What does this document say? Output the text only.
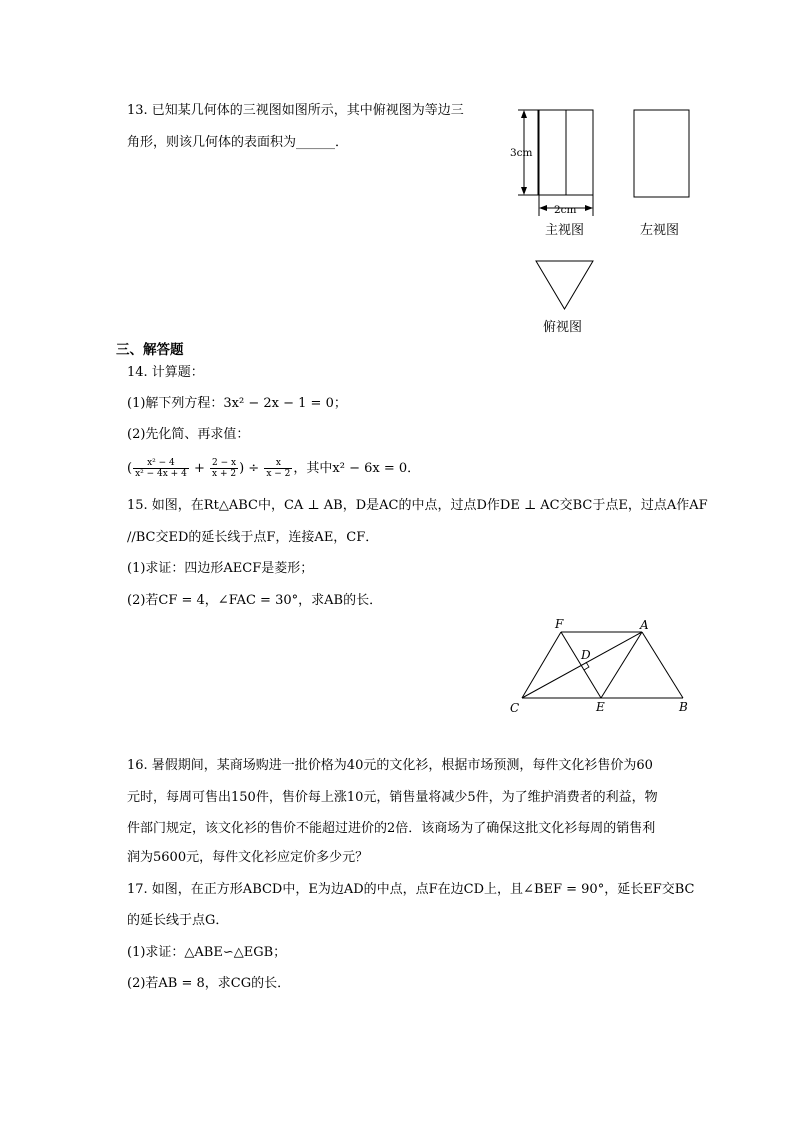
13. 已知某几何体的三视图如图所示，其中俯视图为等边三
角形，则该几何体的表面积为______．
3cm
2cm
主视图	左视图
俯视图
三、解答题
14. 计算题：
(1)解下列方程：3x² − 2x − 1 = 0；
(2)先化简、再求值：
( $\frac{\text{x² − 4}}{\text{x² − 4x + 4}} + \frac{2 - x}{x + 2}$ ) ÷ $\frac{x}{x - 2}$ ，其中x² − 6x = 0．
15. 如图，在Rt△ABC中，CA ⊥ AB，D是AC的中点，过点D作DE ⊥ AC交BC于点E，过点A作AF
//BC交ED的延长线于点F，连接AE，CF．
(1)求证：四边形AECF是菱形；
(2)若CF = 4，∠FAC = 30°，求AB的长．
F	A
D
C	E	B
16. 暑假期间，某商场购进一批价格为40元的文化衫，根据市场预测，每件文化衫售价为60
元时，每周可售出150件，售价每上涨10元，销售量将减少5件，为了维护消费者的利益，物
件部门规定，该文化衫的售价不能超过进价的2倍．该商场为了确保这批文化衫每周的销售利
润为5600元，每件文化衫应定价多少元？
17. 如图，在正方形ABCD中，E为边AD的中点，点F在边CD上，且∠BEF = 90°，延长EF交BC
的延长线于点G．
(1)求证：△ABE∽△EGB；
(2)若AB = 8，求CG的长．
